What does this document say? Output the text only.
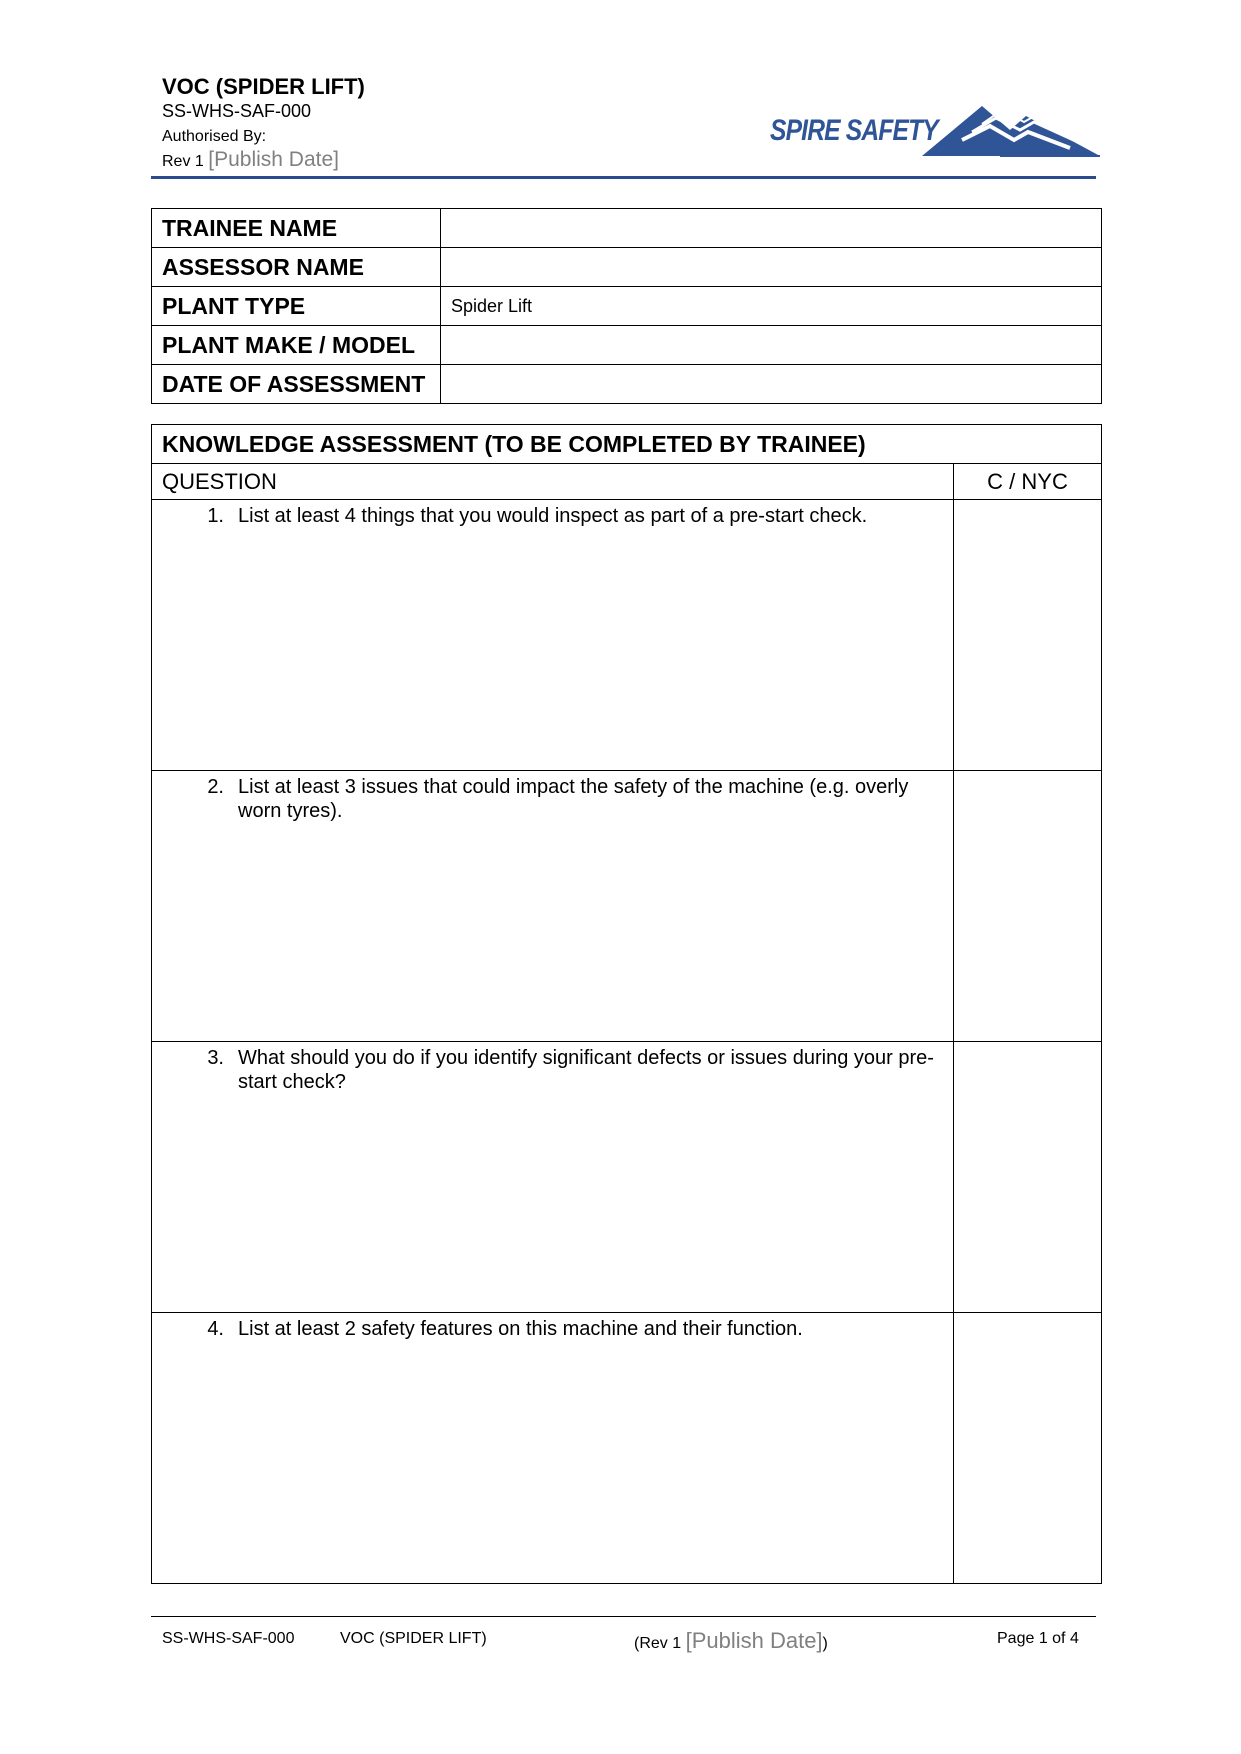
VOC (SPIDER LIFT)
SS-WHS-SAF-000
Authorised By:
Rev 1 [Publish Date]
SPIRE SAFETY
TRAINEE NAME	
ASSESSOR NAME	
PLANT TYPE	Spider Lift
PLANT MAKE / MODEL	
DATE OF ASSESSMENT	
KNOWLEDGE ASSESSMENT (TO BE COMPLETED BY TRAINEE)	
QUESTION	C / NYC

1. List at least 4 things that you would inspect as part of a pre-start check.	

2. List at least 3 issues that could impact the safety of the machine (e.g. overly worn tyres).	

3. What should you do if you identify significant defects or issues during your pre-start check?	

4. List at least 2 safety features on this machine and their function.	

SS-WHS-SAF-000	VOC (SPIDER LIFT)	(Rev 1 [Publish Date])	Page 1 of 4
